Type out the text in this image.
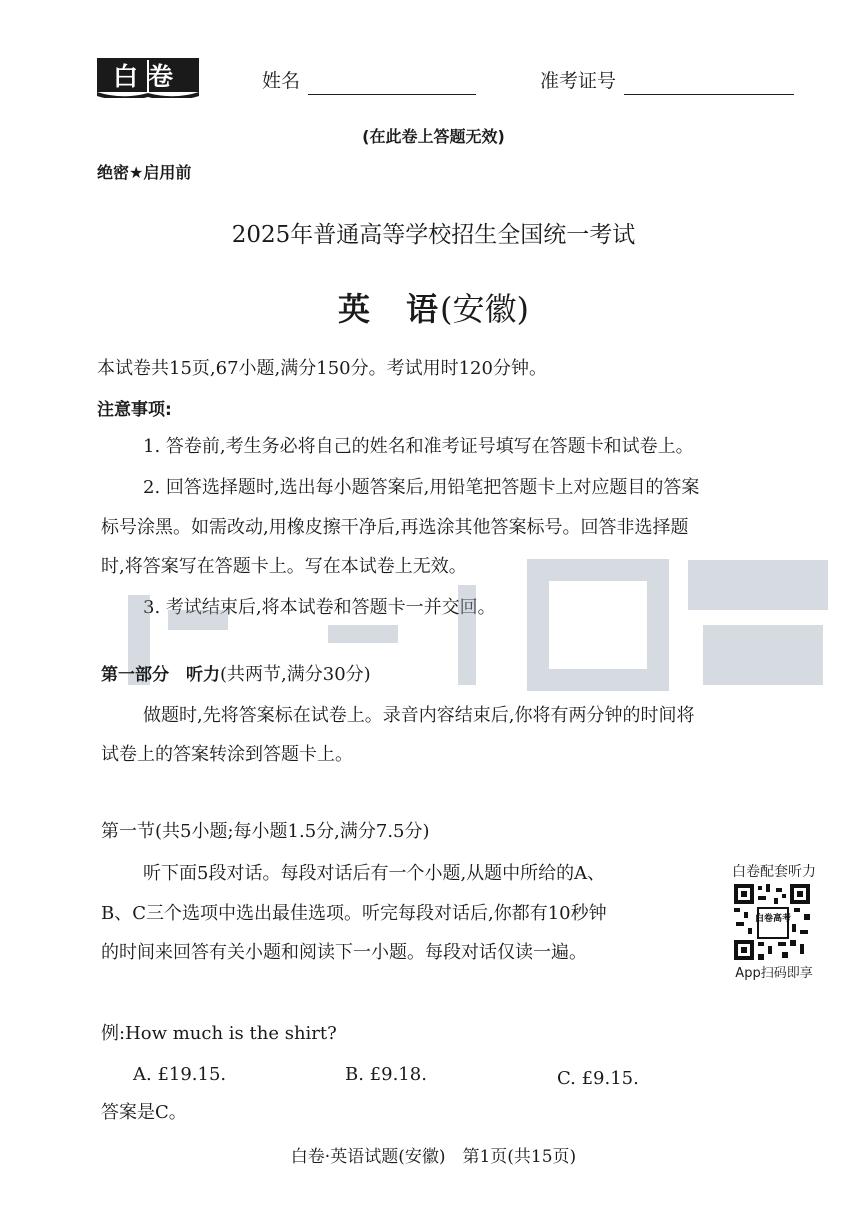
白卷	姓名	准考证号
(在此卷上答题无效)
绝密★启用前
2025年普通高等学校招生全国统一考试
英　语(安徽)
本试卷共15页,67小题,满分150分。考试用时120分钟。
注意事项:
1. 答卷前,考生务必将自己的姓名和准考证号填写在答题卡和试卷上。
2. 回答选择题时,选出每小题答案后,用铅笔把答题卡上对应题目的答案
标号涂黑。如需改动,用橡皮擦干净后,再选涂其他答案标号。回答非选择题
时,将答案写在答题卡上。写在本试卷上无效。
3. 考试结束后,将本试卷和答题卡一并交回。
第一部分　听力(共两节,满分30分)
做题时,先将答案标在试卷上。录音内容结束后,你将有两分钟的时间将
试卷上的答案转涂到答题卡上。
第一节(共5小题;每小题1.5分,满分7.5分)
听下面5段对话。每段对话后有一个小题,从题中所给的A、
B、C三个选项中选出最佳选项。听完每段对话后,你都有10秒钟
的时间来回答有关小题和阅读下一小题。每段对话仅读一遍。
白卷配套听力
白卷高考
App扫码即享
例:How much is the shirt?
A. £19.15.	B. £9.18.	C. £9.15.
答案是C。
白卷·英语试题(安徽)　第1页(共15页)
